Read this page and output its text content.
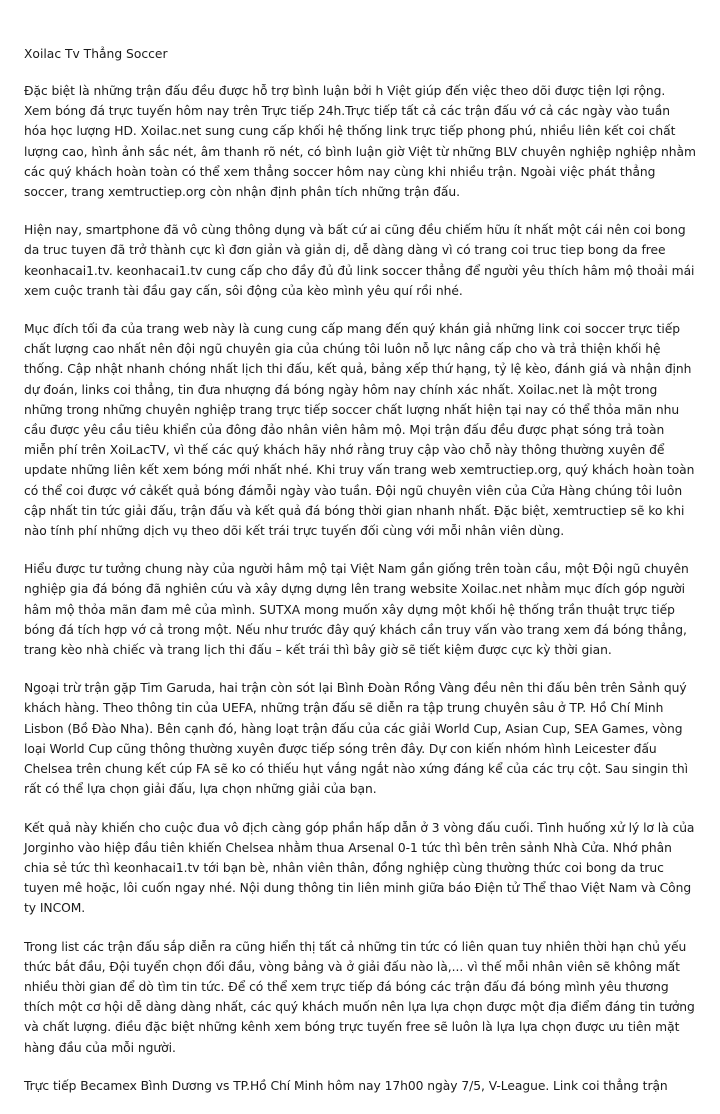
Xoilac Tv Thẳng Soccer

Đặc biệt là những trận đấu đều được hỗ trợ bình luận bởi h Việt giúp đến việc theo dõi được tiện lợi rộng. Xem bóng đá trực tuyến hôm nay trên Trực tiếp 24h.Trực tiếp tất cả các trận đấu vớ cả các ngày vào tuần hóa học lượng HD. Xoilac.net sung cung cấp khối hệ thống link trực tiếp phong phú, nhiều liên kết coi chất lượng cao, hình ảnh sắc nét, âm thanh rõ nét, có bình luận giờ Việt từ những BLV chuyên nghiệp nghiệp nhằm các quý khách hoàn toàn có thể xem thẳng soccer hôm nay cùng khi nhiều trận. Ngoài việc phát thẳng soccer, trang xemtructiep.org còn nhận định phân tích những trận đấu.

Hiện nay, smartphone đã vô cùng thông dụng và bất cứ ai cũng đều chiếm hữu ít nhất một cái nên coi bong da truc tuyen đã trở thành cực kì đơn giản và giản dị, dễ dàng dàng vì có trang coi truc tiep bong da free keonhacai1.tv. keonhacai1.tv cung cấp cho đầy đủ đủ link soccer thẳng để người yêu thích hâm mộ thoải mái xem cuộc tranh tài đầu gay cấn, sôi động của kèo mình yêu quí rồi nhé.

Mục đích tối đa của trang web này là cung cung cấp mang đến quý khán giả những link coi soccer trực tiếp chất lượng cao nhất nên đội ngũ chuyên gia của chúng tôi luôn nỗ lực nâng cấp cho và trả thiện khối hệ thống. Cập nhật nhanh chóng nhất lịch thi đấu, kết quả, bảng xếp thứ hạng, tỷ lệ kèo, đánh giá và nhận định dự đoán, links coi thẳng, tin đưa nhượng đá bóng ngày hôm nay chính xác nhất. Xoilac.net là một trong những trong những chuyên nghiệp trang trực tiếp soccer chất lượng nhất hiện tại nay có thể thỏa mãn nhu cầu được yêu cầu tiêu khiển của đông đảo nhân viên hâm mộ. Mọi trận đấu đều được phạt sóng trả toàn miễn phí trên XoiLacTV, vì thế các quý khách hãy nhớ rằng truy cập vào chỗ này thông thường xuyên để update những liên kết xem bóng mới nhất nhé. Khi truy vấn trang web xemtructiep.org, quý khách hoàn toàn có thể coi được vớ cảkết quả bóng đámỗi ngày vào tuần. Đội ngũ chuyên viên của Cửa Hàng chúng tôi luôn cập nhất tin tức giải đấu, trận đấu và kết quả đá bóng thời gian nhanh nhất. Đặc biệt, xemtructiep sẽ ko khi nào tính phí những dịch vụ theo dõi kết trái trực tuyến đối cùng với mỗi nhân viên dùng.

Hiểu được tư tưởng chung này của người hâm mộ tại Việt Nam gần giống trên toàn cầu, một Đội ngũ chuyên nghiệp gia đá bóng đã nghiên cứu và xây dựng dựng lên trang website Xoilac.net nhằm mục đích góp người hâm mộ thỏa mãn đam mê của mình. SUTXA mong muốn xây dựng một khối hệ thống trần thuật trực tiếp bóng đá tích hợp vớ cả trong một. Nếu như trước đây quý khách cần truy vấn vào trang xem đá bóng thẳng, trang kèo nhà chiếc và trang lịch thi đấu – kết trái thì bây giờ sẽ tiết kiệm được cực kỳ thời gian.

Ngoại trừ trận gặp Tim Garuda, hai trận còn sót lại Bình Đoàn Rồng Vàng đều nên thi đấu bên trên Sảnh quý khách hàng. Theo thông tin của UEFA, những trận đấu sẽ diễn ra tập trung chuyên sâu ở TP. Hồ Chí Minh Lisbon (Bồ Đào Nha). Bên cạnh đó, hàng loạt trận đấu của các giải World Cup, Asian Cup, SEA Games, vòng loại World Cup cũng thông thường xuyên được tiếp sóng trên đây. Dự con kiến nhóm hình Leicester đấu Chelsea trên chung kết cúp FA sẽ ko có thiếu hụt vắng ngắt nào xứng đáng kể của các trụ cột. Sau singin thì rất có thể lựa chọn giải đấu, lựa chọn những giải của bạn.

Kết quả này khiến cho cuộc đua vô địch càng góp phần hấp dẫn ở 3 vòng đấu cuối. Tình huống xử lý lơ là của Jorginho vào hiệp đầu tiên khiến Chelsea nhằm thua Arsenal 0-1 tức thì bên trên sảnh Nhà Cửa. Nhớ phân chia sẻ tức thì keonhacai1.tv tới bạn bè, nhân viên thân, đồng nghiệp cùng thường thức coi bong da truc tuyen mê hoặc, lôi cuốn ngay nhé. Nội dung thông tin liên minh giữa báo Điện tử Thể thao Việt Nam và Công ty INCOM.

Trong list các trận đấu sắp diễn ra cũng hiển thị tất cả những tin tức có liên quan tuy nhiên thời hạn chủ yếu thức bắt đầu, Đội tuyển chọn đối đầu, vòng bảng và ở giải đấu nào là,... vì thế mỗi nhân viên sẽ không mất nhiều thời gian để dò tìm tin tức. Để có thể xem trực tiếp đá bóng các trận đấu đá bóng mình yêu thương thích một cơ hội dễ dàng dàng nhất, các quý khách muốn nên lựa lựa chọn được một địa điểm đáng tin tưởng và chất lượng. điều đặc biệt những kênh xem bóng trực tuyến free sẽ luôn là lựa lựa chọn được ưu tiên mặt hàng đầu của mỗi người.

Trực tiếp Becamex Bình Dương vs TP.Hồ Chí Minh hôm nay 17h00 ngày 7/5, V-League. Link coi thẳng trận
